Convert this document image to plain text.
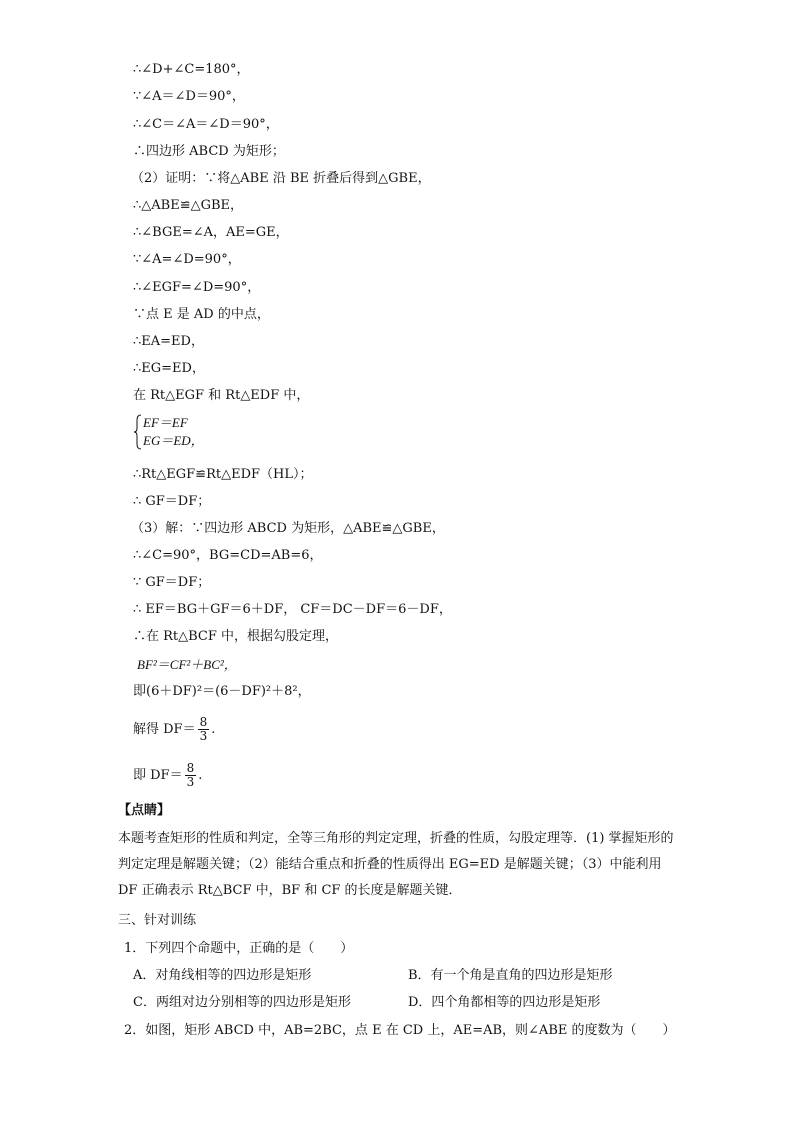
∴∠D+∠C=180°，
∵∠A＝∠D＝90°，
∴∠C＝∠A＝∠D＝90°，
∴四边形 ABCD 为矩形；
（2）证明：∵将△ABE 沿 BE 折叠后得到△GBE，
∴△ABE≌△GBE，
∴∠BGE=∠A，AE=GE，
∵∠A=∠D=90°，
∴∠EGF=∠D=90°，
∵点 E 是 AD 的中点，
∴EA=ED，
∴EG=ED，
在 Rt△EGF 和 Rt△EDF 中，
EF＝EF
EG＝ED，
∴Rt△EGF≌Rt△EDF（HL）；
∴ GF＝DF；
（3）解：∵四边形 ABCD 为矩形，△ABE≌△GBE，
∴∠C=90°，BG=CD=AB=6，
∵ GF＝DF；
∴ EF＝BG＋GF＝6＋DF， CF＝DC－DF＝6－DF，
∴在 Rt△BCF 中，根据勾股定理，
BF²＝CF²＋BC²，
即(6＋DF)²＝(6－DF)²＋8²，
解得 $DF= \frac{8}{3}$ .
即 $DF= \frac{8}{3}$ .
【点睛】
本题考查矩形的性质和判定，全等三角形的判定定理，折叠的性质，勾股定理等．(1) 掌握矩形的判定定理是解题关键；（2）能结合重点和折叠的性质得出 EG=ED 是解题关键；（3）中能利用 DF 正确表示 Rt△BCF 中，BF 和 CF 的长度是解题关键．
三、针对训练
1．下列四个命题中，正确的是（　　）
A．对角线相等的四边形是矩形	B．有一个角是直角的四边形是矩形
C．两组对边分别相等的四边形是矩形	D．四个角都相等的四边形是矩形
2．如图，矩形 ABCD 中，AB=2BC，点 E 在 CD 上，AE=AB，则∠ABE 的度数为（　　）
